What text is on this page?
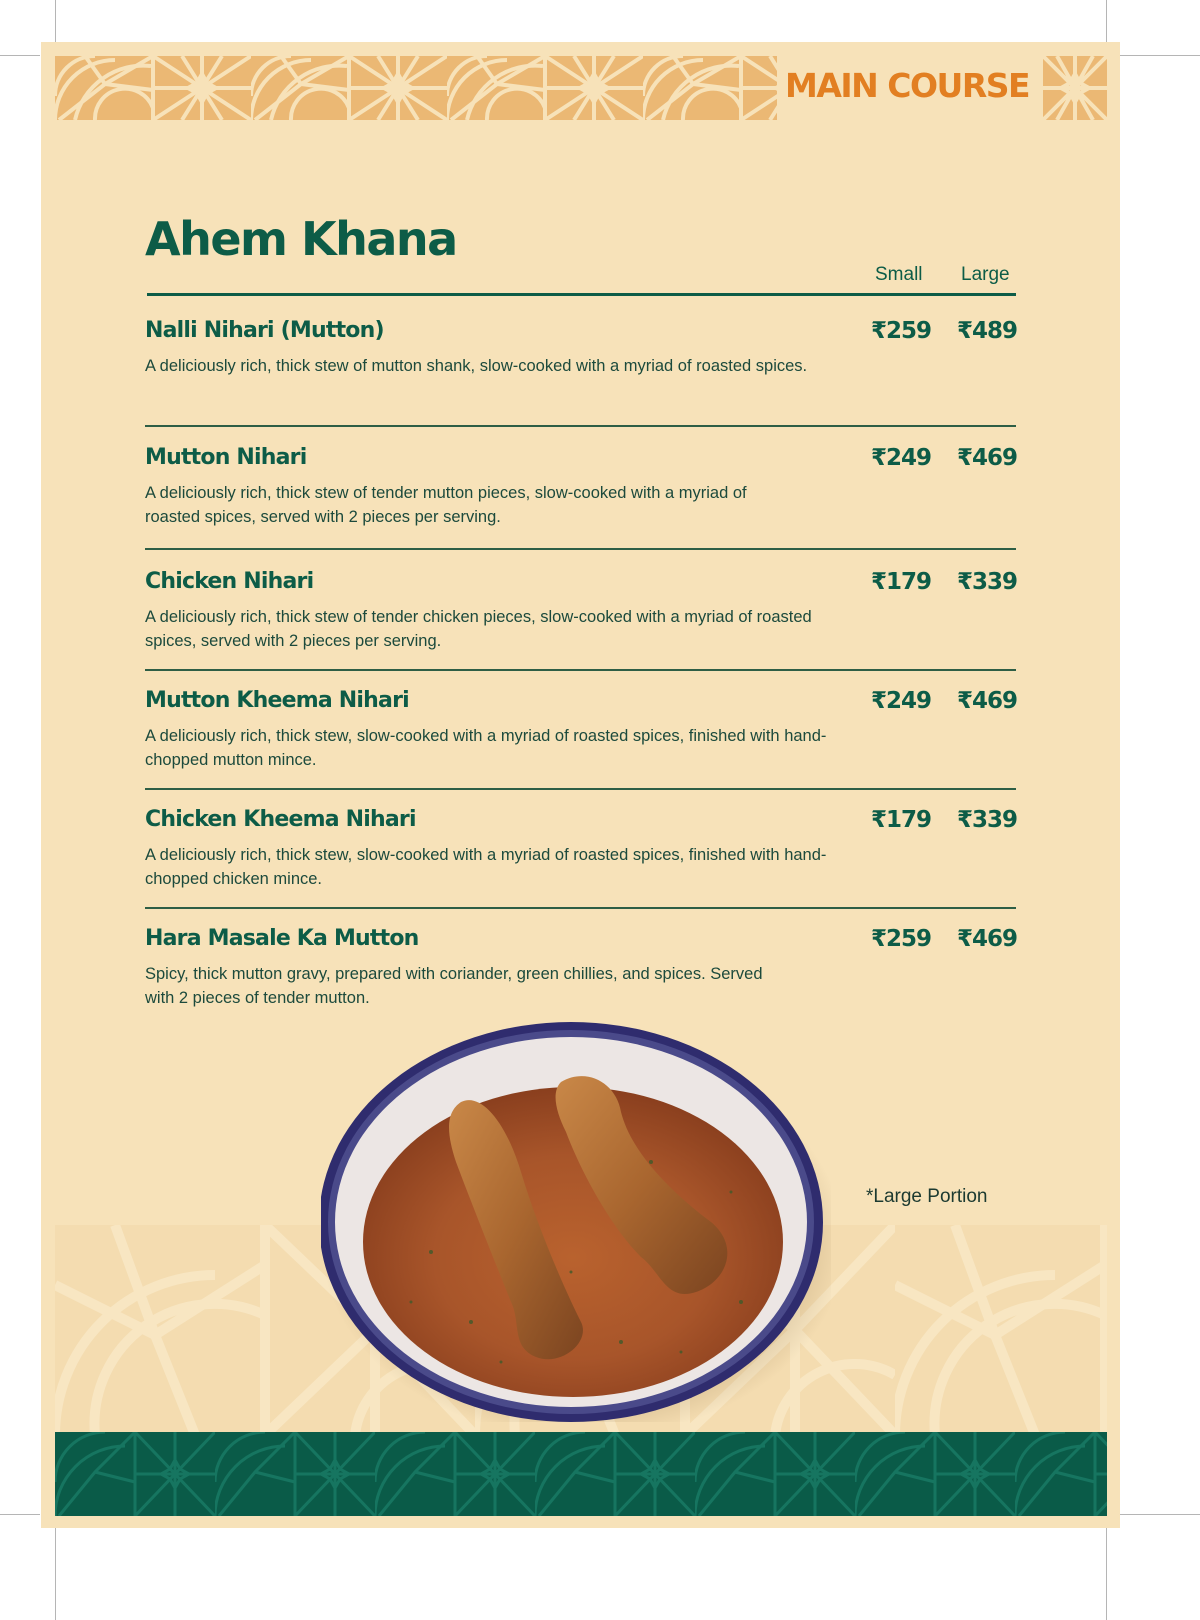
MAIN COURSE
Ahem Khana
Small Large
Nalli Nihari (Mutton)	₹259 ₹489
A deliciously rich, thick stew of mutton shank, slow-cooked with a myriad of roasted spices.
Mutton Nihari	₹249 ₹469
A deliciously rich, thick stew of tender mutton pieces, slow-cooked with a myriad of roasted spices, served with 2 pieces per serving.
Chicken Nihari	₹179 ₹339
A deliciously rich, thick stew of tender chicken pieces, slow-cooked with a myriad of roasted spices, served with 2 pieces per serving.
Mutton Kheema Nihari	₹249 ₹469
A deliciously rich, thick stew, slow-cooked with a myriad of roasted spices, finished with hand-chopped mutton mince.
Chicken Kheema Nihari	₹179 ₹339
A deliciously rich, thick stew, slow-cooked with a myriad of roasted spices, finished with hand-chopped chicken mince.
Hara Masale Ka Mutton	₹259 ₹469
Spicy, thick mutton gravy, prepared with coriander, green chillies, and spices. Served with 2 pieces of tender mutton.
*Large Portion
